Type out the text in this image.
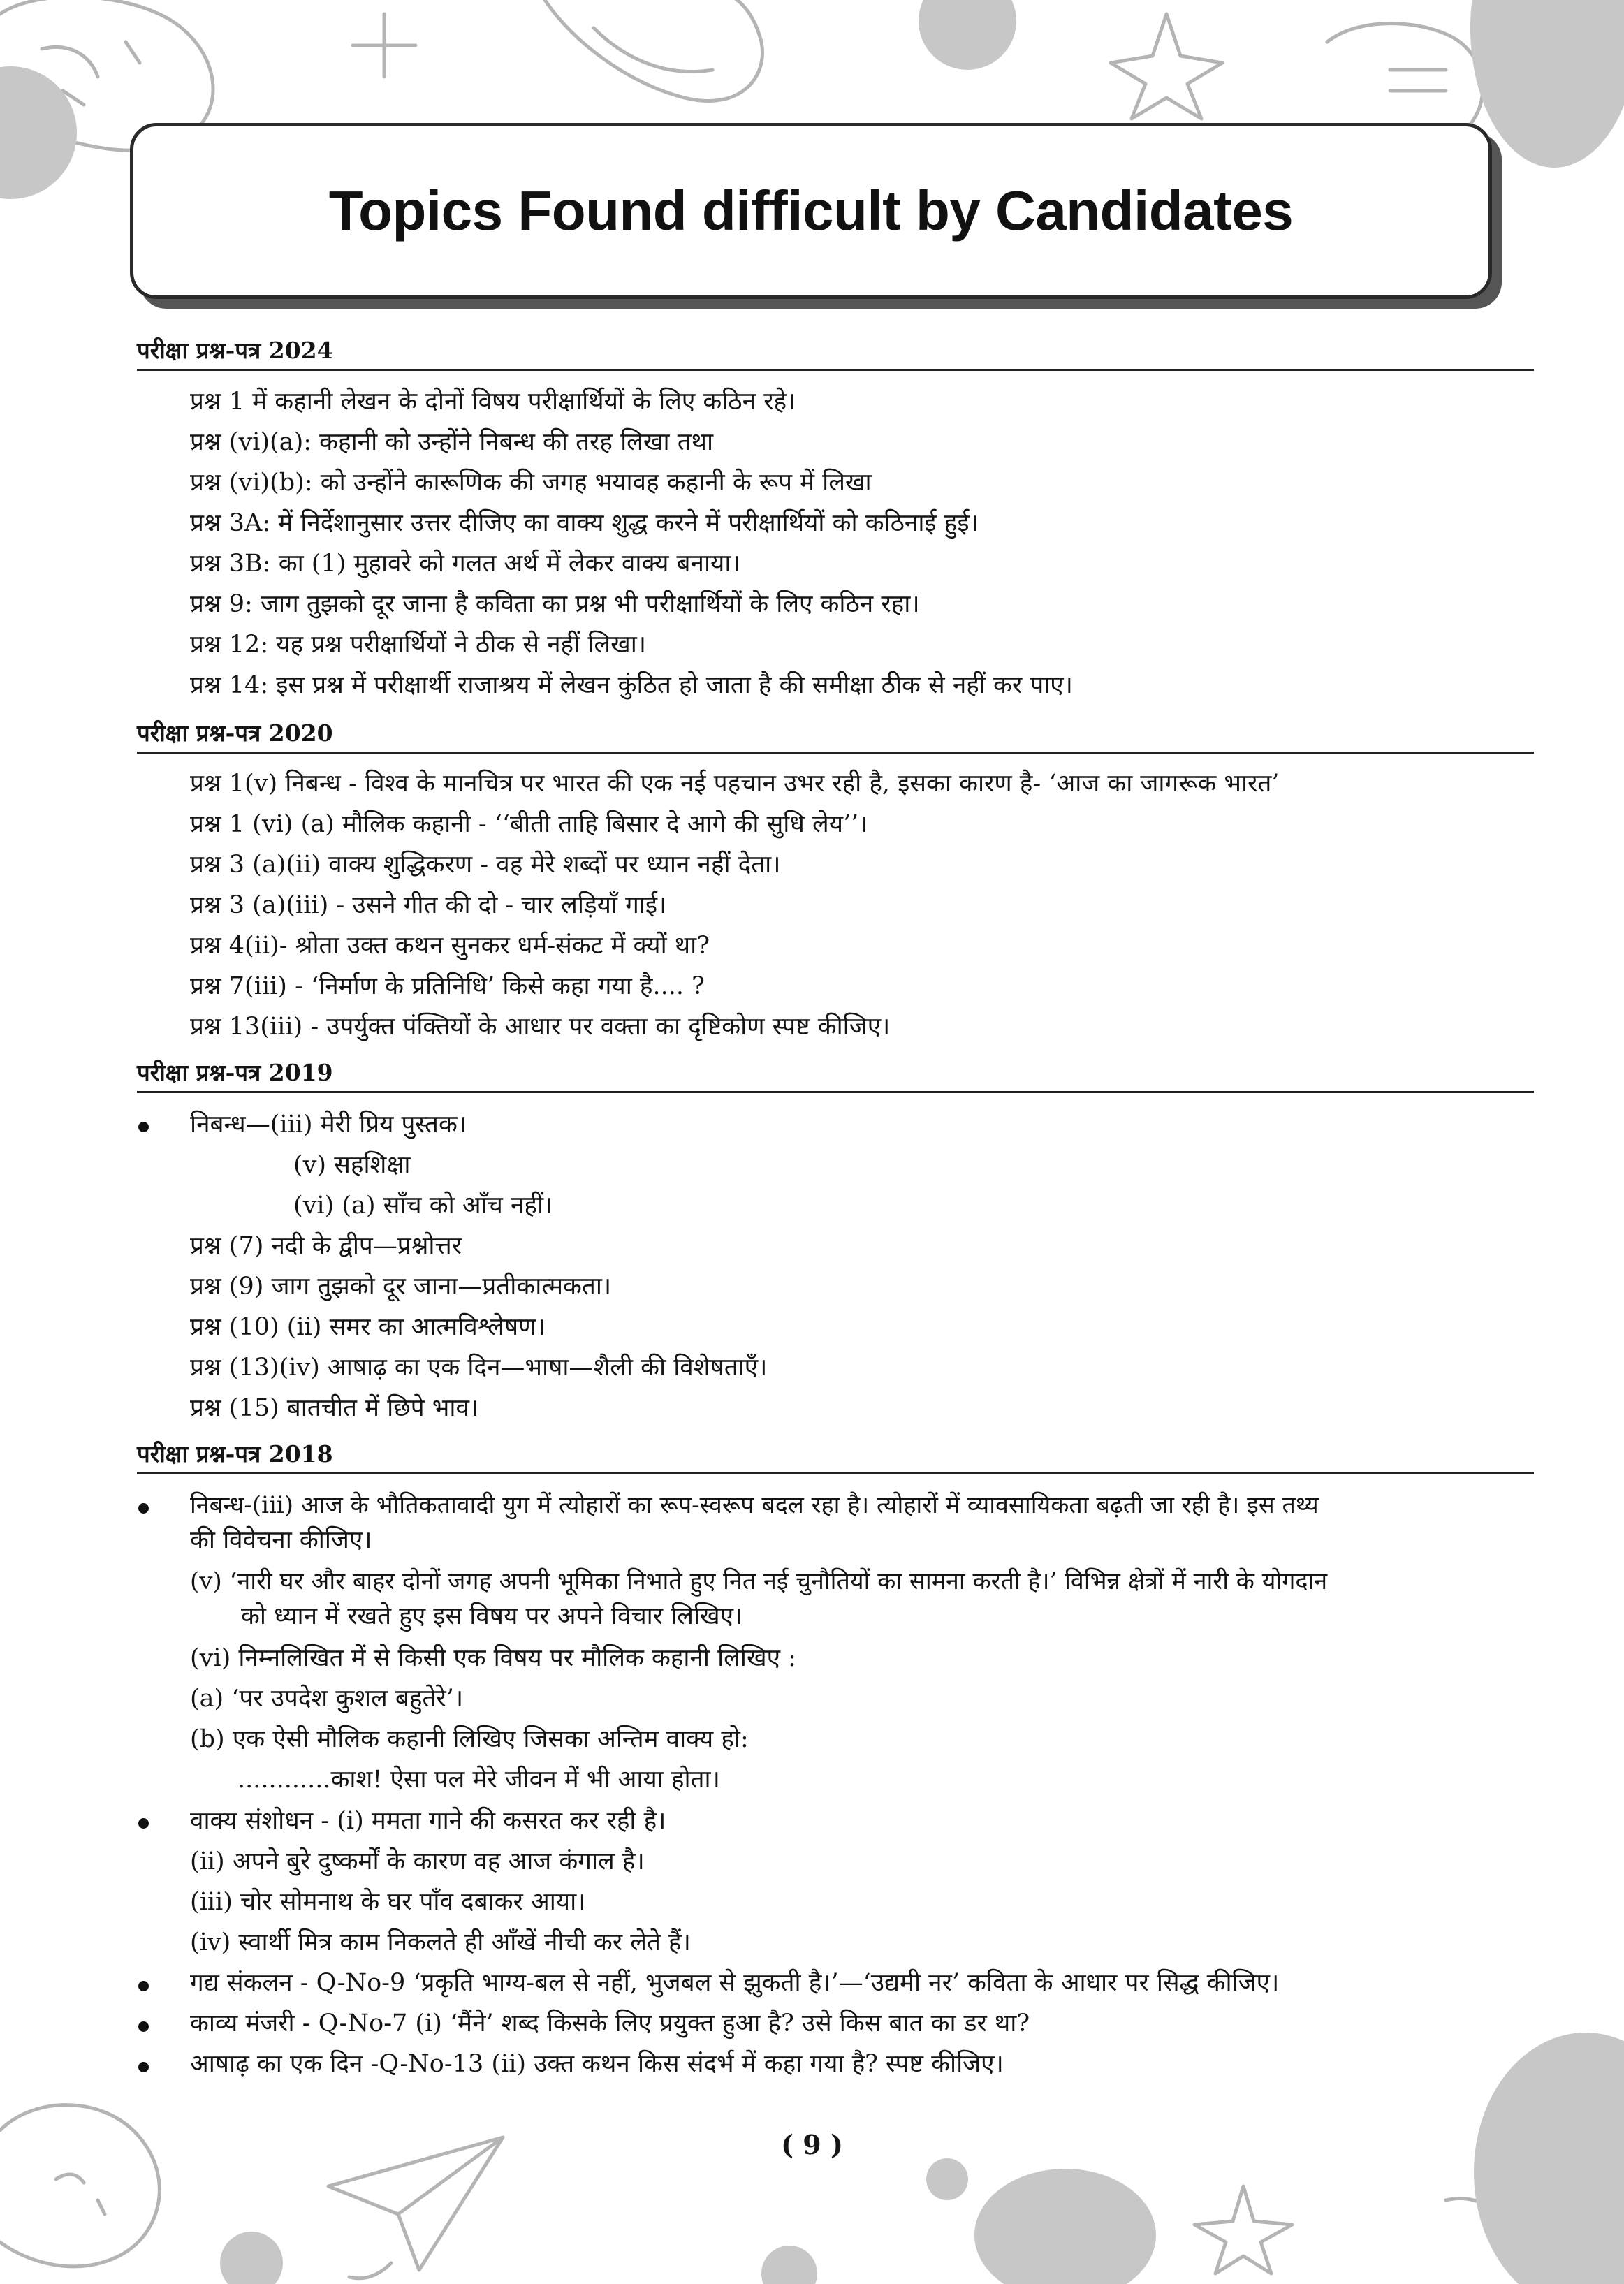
Topics Found difficult by Candidates
परीक्षा प्रश्न-पत्र 2024
प्रश्न 1 में कहानी लेखन के दोनों विषय परीक्षार्थियों के लिए कठिन रहे।
प्रश्न (vi)(a): कहानी को उन्होंने निबन्ध की तरह लिखा तथा
प्रश्न (vi)(b): को उन्होंने कारूणिक की जगह भयावह कहानी के रूप में लिखा
प्रश्न 3A: में निर्देशानुसार उत्तर दीजिए का वाक्य शुद्ध करने में परीक्षार्थियों को कठिनाई हुई।
प्रश्न 3B: का (1) मुहावरे को गलत अर्थ में लेकर वाक्य बनाया।
प्रश्न 9: जाग तुझको दूर जाना है कविता का प्रश्न भी परीक्षार्थियों के लिए कठिन रहा।
प्रश्न 12: यह प्रश्न परीक्षार्थियों ने ठीक से नहीं लिखा।
प्रश्न 14: इस प्रश्न में परीक्षार्थी राजाश्रय में लेखन कुंठित हो जाता है की समीक्षा ठीक से नहीं कर पाए।
परीक्षा प्रश्न-पत्र 2020
प्रश्न 1(v) निबन्ध - विश्व के मानचित्र पर भारत की एक नई पहचान उभर रही है, इसका कारण है- ‘आज का जागरूक भारत’
प्रश्न 1 (vi) (a) मौलिक कहानी - ‘‘बीती ताहि बिसार दे आगे की सुधि लेय’’।
प्रश्न 3 (a)(ii) वाक्य शुद्धिकरण - वह मेरे शब्दों पर ध्यान नहीं देता।
प्रश्न 3 (a)(iii) - उसने गीत की दो - चार लड़ियाँ गाई।
प्रश्न 4(ii)- श्रोता उक्त कथन सुनकर धर्म-संकट में क्यों था?
प्रश्न 7(iii) - ‘निर्माण के प्रतिनिधि’ किसे कहा गया है.... ?
प्रश्न 13(iii) - उपर्युक्त पंक्तियों के आधार पर वक्ता का दृष्टिकोण स्पष्ट कीजिए।
परीक्षा प्रश्न-पत्र 2019
निबन्ध—(iii) मेरी प्रिय पुस्तक।
(v) सहशिक्षा
(vi) (a) साँच को आँच नहीं।
प्रश्न (7) नदी के द्वीप—प्रश्नोत्तर
प्रश्न (9) जाग तुझको दूर जाना—प्रतीकात्मकता।
प्रश्न (10) (ii) समर का आत्मविश्लेषण।
प्रश्न (13)(iv) आषाढ़ का एक दिन—भाषा—शैली की विशेषताएँ।
प्रश्न (15) बातचीत में छिपे भाव।
परीक्षा प्रश्न-पत्र 2018
निबन्ध-(iii) आज के भौतिकतावादी युग में त्योहारों का रूप-स्वरूप बदल रहा है। त्योहारों में व्यावसायिकता बढ़ती जा रही है। इस तथ्य
की विवेचना कीजिए।
(v) ‘नारी घर और बाहर दोनों जगह अपनी भूमिका निभाते हुए नित नई चुनौतियों का सामना करती है।’ विभिन्न क्षेत्रों में नारी के योगदान
को ध्यान में रखते हुए इस विषय पर अपने विचार लिखिए।
(vi) निम्नलिखित में से किसी एक विषय पर मौलिक कहानी लिखिए :
(a) ‘पर उपदेश कुशल बहुतेरे’।
(b) एक ऐसी मौलिक कहानी लिखिए जिसका अन्तिम वाक्य हो:
............काश! ऐसा पल मेरे जीवन में भी आया होता।
वाक्य संशोधन - (i) ममता गाने की कसरत कर रही है।
(ii) अपने बुरे दुष्कर्मों के कारण वह आज कंगाल है।
(iii) चोर सोमनाथ के घर पाँव दबाकर आया।
(iv) स्वार्थी मित्र काम निकलते ही आँखें नीची कर लेते हैं।
गद्य संकलन - Q-No-9 ‘प्रकृति भाग्य-बल से नहीं, भुजबल से झुकती है।’—‘उद्यमी नर’ कविता के आधार पर सिद्ध कीजिए।
काव्य मंजरी - Q-No-7 (i) ‘मैंने’ शब्द किसके लिए प्रयुक्त हुआ है? उसे किस बात का डर था?
आषाढ़ का एक दिन -Q-No-13 (ii) उक्त कथन किस संदर्भ में कहा गया है? स्पष्ट कीजिए।
( 9 )
